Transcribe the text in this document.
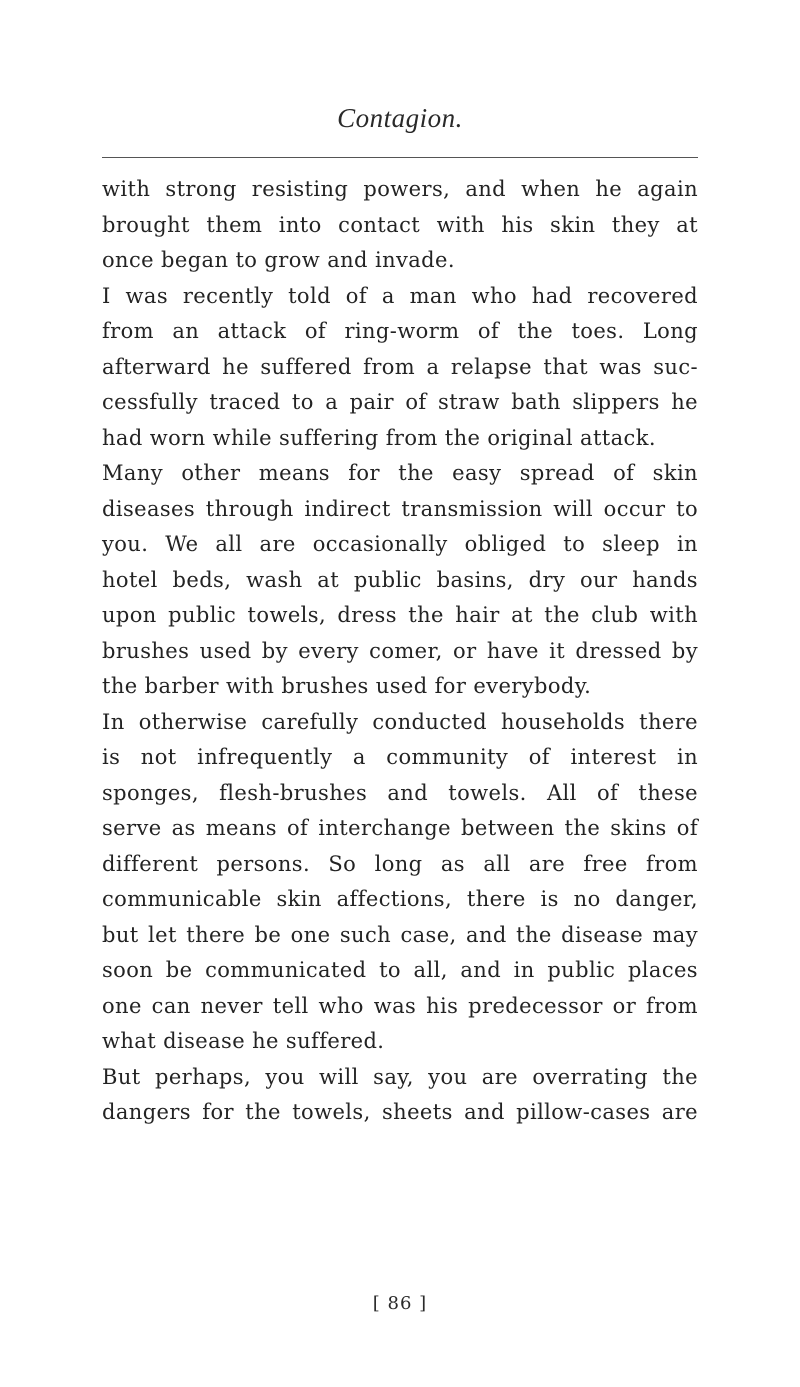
Contagion.
with strong resisting powers, and when he again
brought them into contact with his skin they at
once began to grow and invade.
I was recently told of a man who had recovered
from an attack of ring-worm of the toes. Long
afterward he suffered from a relapse that was suc-
cessfully traced to a pair of straw bath slippers he
had worn while suffering from the original attack.
Many other means for the easy spread of skin
diseases through indirect transmission will occur to
you. We all are occasionally obliged to sleep in
hotel beds, wash at public basins, dry our hands
upon public towels, dress the hair at the club with
brushes used by every comer, or have it dressed by
the barber with brushes used for everybody.
In otherwise carefully conducted households there
is not infrequently a community of interest in
sponges, flesh-brushes and towels. All of these
serve as means of interchange between the skins of
different persons. So long as all are free from
communicable skin affections, there is no danger,
but let there be one such case, and the disease may
soon be communicated to all, and in public places
one can never tell who was his predecessor or from
what disease he suffered.
But perhaps, you will say, you are overrating the
dangers for the towels, sheets and pillow-cases are
[ 86 ]
